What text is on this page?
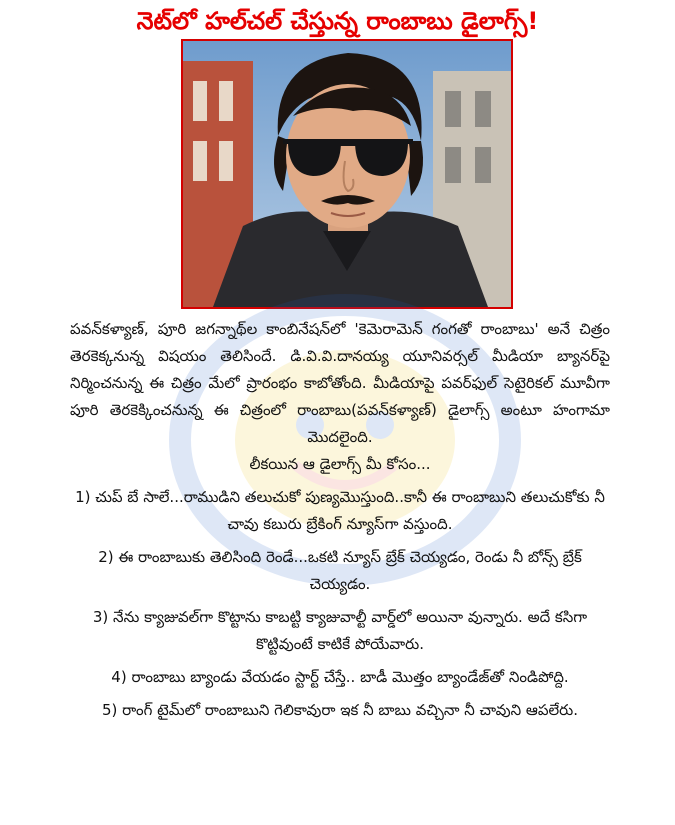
నెట్‌లో హల్‌చల్ చేస్తున్న రాంబాబు డైలాగ్స్!

పవన్‌కళ్యాణ్, పూరి జగన్నాథ్‌ల కాంబినేషన్‌లో 'కెమెరామెన్ గంగతో రాంబాబు' అనే చిత్రం తెరకెక్కనున్న విషయం తెలిసిందే. డి.వి.వి.దానయ్య యూనివర్సల్ మీడియా బ్యానర్‌పై నిర్మించనున్న ఈ చిత్రం మేలో ప్రారంభం కాబోతోంది. మీడియాపై పవర్‌ఫుల్ సెటైరికల్ మూవీగా పూరి తెరకెక్కించనున్న ఈ చిత్రంలో రాంబాబు(పవన్‌కళ్యాణ్) డైలాగ్స్ అంటూ హంగామా మొదలైంది.

లీకయిన ఆ డైలాగ్స్ మీ కోసం...

1) చుప్ బే సాలే...రాముడిని తలుచుకో పుణ్యమొస్తుంది..కానీ ఈ రాంబాబుని తలుచుకోకు నీ చావు కబురు బ్రేకింగ్ న్యూస్‌గా వస్తుంది.

2) ఈ రాంబాబుకు తెలిసింది రెండే...ఒకటి న్యూస్ బ్రేక్ చెయ్యడం, రెండు నీ బోన్స్ బ్రేక్ చెయ్యడం.

3) నేను క్యాజువల్‌గా కొట్టాను కాబట్టి క్యాజువాల్టీ వార్డ్‌లో అయినా వున్నారు. అదే కసిగా కొట్టివుంటే కాటికే పోయేవారు.

4) రాంబాబు బ్యాండు వేయడం స్టార్ట్ చేస్తే.. బాడీ మొత్తం బ్యాండేజ్‌తో నిండిపోద్ది.

5) రాంగ్ టైమ్‌లో రాంబాబుని గెలికావురా ఇక నీ బాబు వచ్చినా నీ చావుని ఆపలేరు.
